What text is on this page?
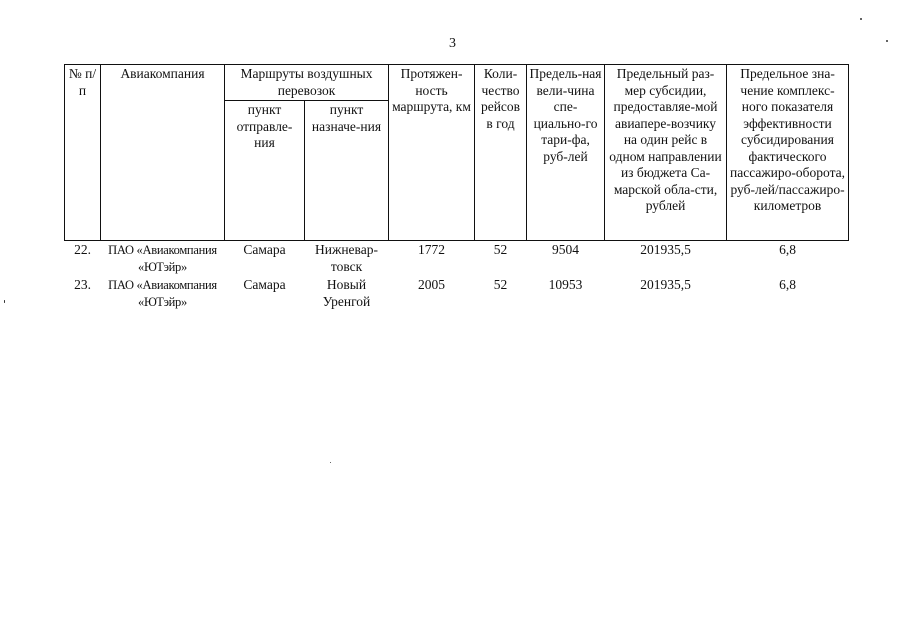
3
№ п/п	Авиакомпания	Маршруты воздушных перевозок		Протяжен-ность маршрута, км	Коли-чество рейсов в год	Предель-ная вели-чина спе-циально-го тари-фа, руб-лей	Предельный раз-мер субсидии, предоставляе-мой авиапере-возчику на один рейс в одном направлении из бюджета Са-марской обла-сти, рублей	Предельное зна-чение комплекс-ного показателя эффективности субсидирования фактического пассажиро-оборота, руб-лей/пассажиро-километров
		пункт отправле-ния	пункт назначе-ния					
22.	ПАО «Авиакомпания «ЮТэйр»	Самара	Нижневар-товск	1772	52	9504	201935,5	6,8
23.	ПАО «Авиакомпания «ЮТэйр»	Самара	Новый Уренгой	2005	52	10953	201935,5	6,8
